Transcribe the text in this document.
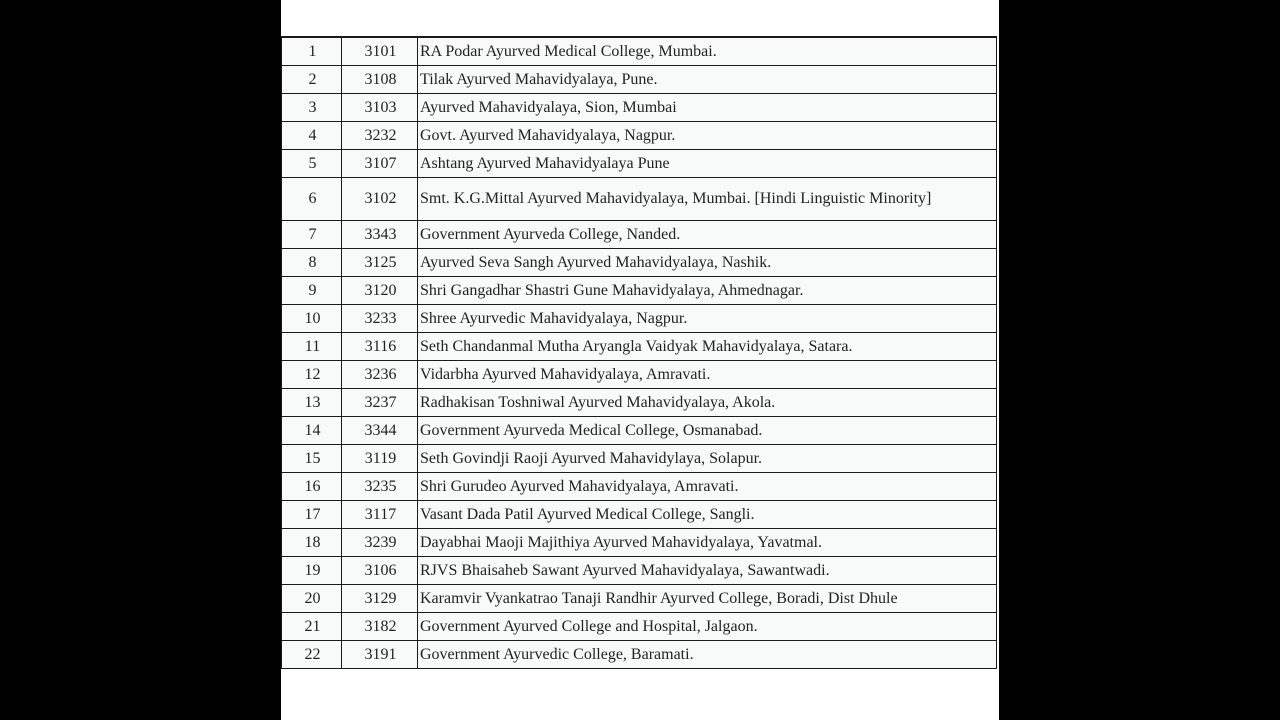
1	3101	RA Podar Ayurved Medical College, Mumbai.
2	3108	Tilak Ayurved Mahavidyalaya, Pune.
3	3103	Ayurved Mahavidyalaya, Sion, Mumbai
4	3232	Govt. Ayurved Mahavidyalaya, Nagpur.
5	3107	Ashtang Ayurved Mahavidyalaya Pune
6	3102	Smt. K.G.Mittal Ayurved Mahavidyalaya, Mumbai. [Hindi Linguistic Minority]
7	3343	Government Ayurveda College, Nanded.
8	3125	Ayurved Seva Sangh Ayurved Mahavidyalaya, Nashik.
9	3120	Shri Gangadhar Shastri Gune Mahavidyalaya, Ahmednagar.
10	3233	Shree Ayurvedic Mahavidyalaya, Nagpur.
11	3116	Seth Chandanmal Mutha Aryangla Vaidyak Mahavidyalaya, Satara.
12	3236	Vidarbha Ayurved Mahavidyalaya, Amravati.
13	3237	Radhakisan Toshniwal Ayurved Mahavidyalaya, Akola.
14	3344	Government Ayurveda Medical College, Osmanabad.
15	3119	Seth Govindji Raoji Ayurved Mahavidylaya, Solapur.
16	3235	Shri Gurudeo Ayurved Mahavidyalaya, Amravati.
17	3117	Vasant Dada Patil Ayurved Medical College, Sangli.
18	3239	Dayabhai Maoji Majithiya Ayurved Mahavidyalaya, Yavatmal.
19	3106	RJVS Bhaisaheb Sawant Ayurved Mahavidyalaya, Sawantwadi.
20	3129	Karamvir Vyankatrao Tanaji Randhir Ayurved College, Boradi, Dist Dhule
21	3182	Government Ayurved College and Hospital, Jalgaon.
22	3191	Government Ayurvedic College, Baramati.
